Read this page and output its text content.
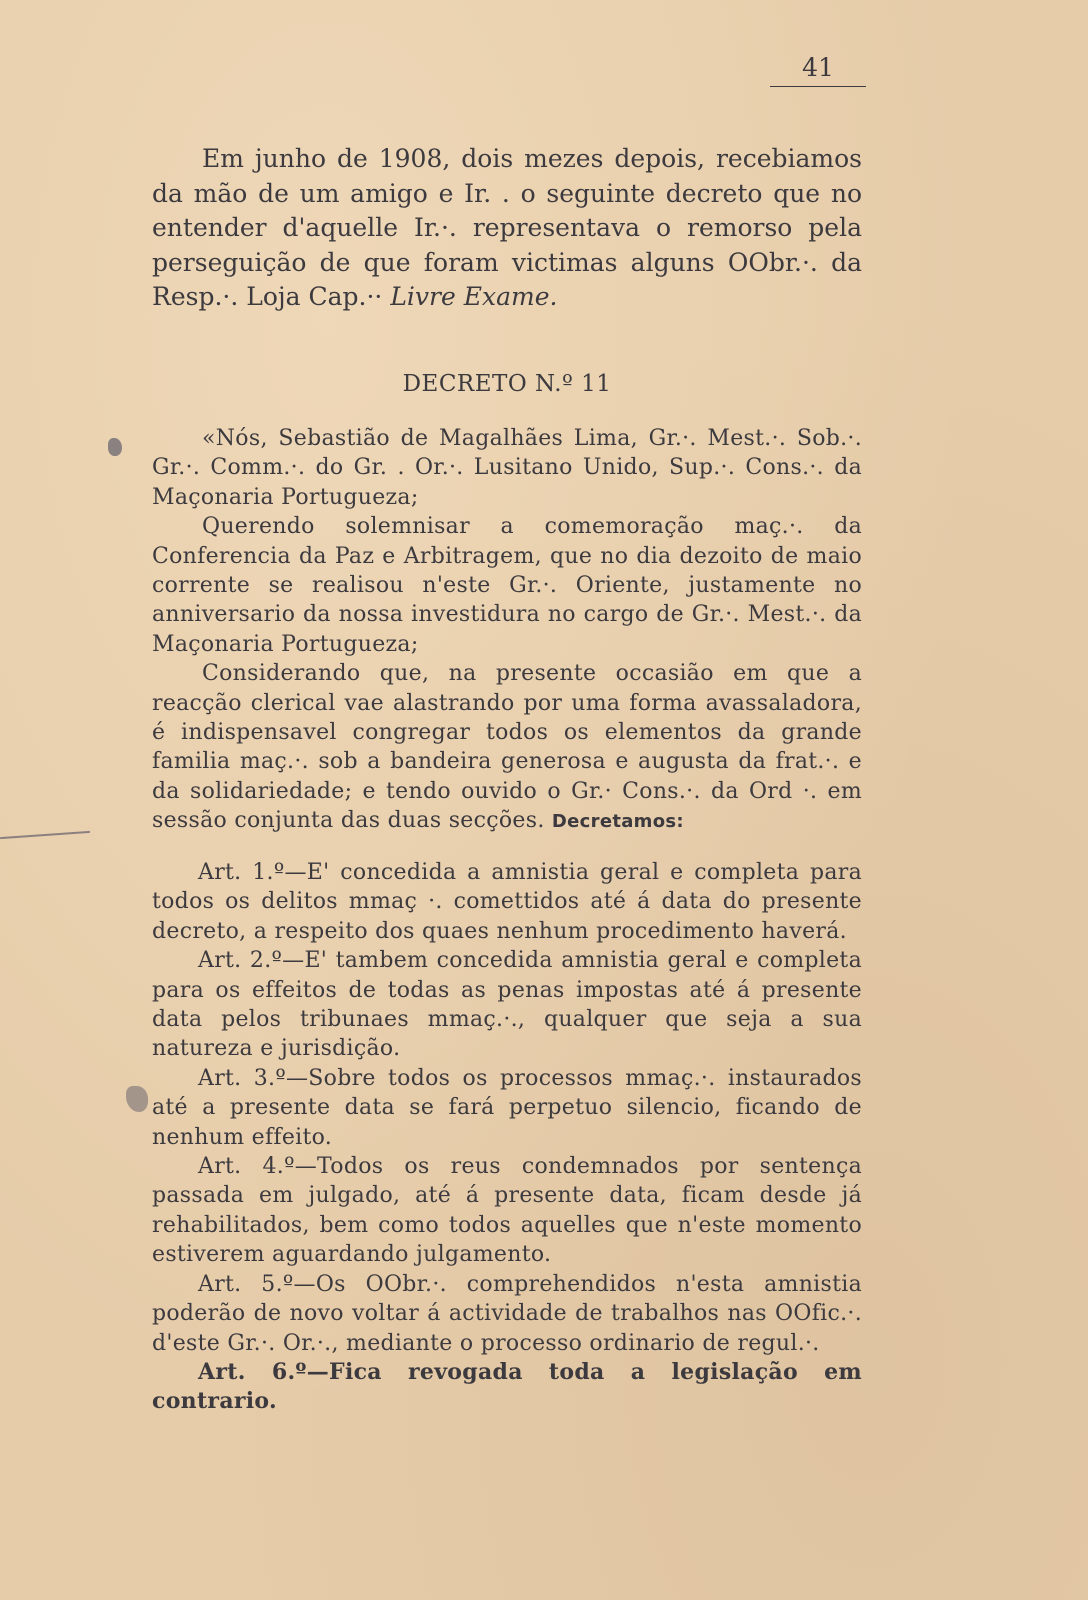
41

Em junho de 1908, dois mezes depois, recebiamos da mão de um amigo e Ir. . o seguinte decreto que no entender d'aquelle Ir.·. representava o remorso pela perseguição de que foram victimas alguns OObr.·. da Resp.·. Loja Cap.·· Livre Exame.

DECRETO N.º 11

«Nós, Sebastião de Magalhães Lima, Gr.·. Mest.·. Sob.·. Gr.·. Comm.·. do Gr. . Or.·. Lusitano Unido, Sup.·. Cons.·. da Maçonaria Portugueza;

Querendo solemnisar a comemoração maç.·. da Conferencia da Paz e Arbitragem, que no dia dezoito de maio corrente se realisou n'este Gr.·. Oriente, justamente no anniversario da nossa investidura no cargo de Gr.·. Mest.·. da Maçonaria Portugueza;

Considerando que, na presente occasião em que a reacção clerical vae alastrando por uma forma avassaladora, é indispensavel congregar todos os elementos da grande familia maç.·. sob a bandeira generosa e augusta da frat.·. e da solidariedade; e tendo ouvido o Gr.· Cons.·. da Ord ·. em sessão conjunta das duas secções. Decretamos:

Art. 1.º—E' concedida a amnistia geral e completa para todos os delitos mmaç ·. comettidos até á data do presente decreto, a respeito dos quaes nenhum procedimento haverá.

Art. 2.º—E' tambem concedida amnistia geral e completa para os effeitos de todas as penas impostas até á presente data pelos tribunaes mmaç.·., qualquer que seja a sua natureza e jurisdição.

Art. 3.º—Sobre todos os processos mmaç.·. instaurados até a presente data se fará perpetuo silencio, ficando de nenhum effeito.

Art. 4.º—Todos os reus condemnados por sentença passada em julgado, até á presente data, ficam desde já rehabilitados, bem como todos aquelles que n'este momento estiverem aguardando julgamento.

Art. 5.º—Os OObr.·. comprehendidos n'esta amnistia poderão de novo voltar á actividade de trabalhos nas OOfic.·. d'este Gr.·. Or.·., mediante o processo ordinario de regul.·.

Art. 6.º—Fica revogada toda a legislação em contrario.
